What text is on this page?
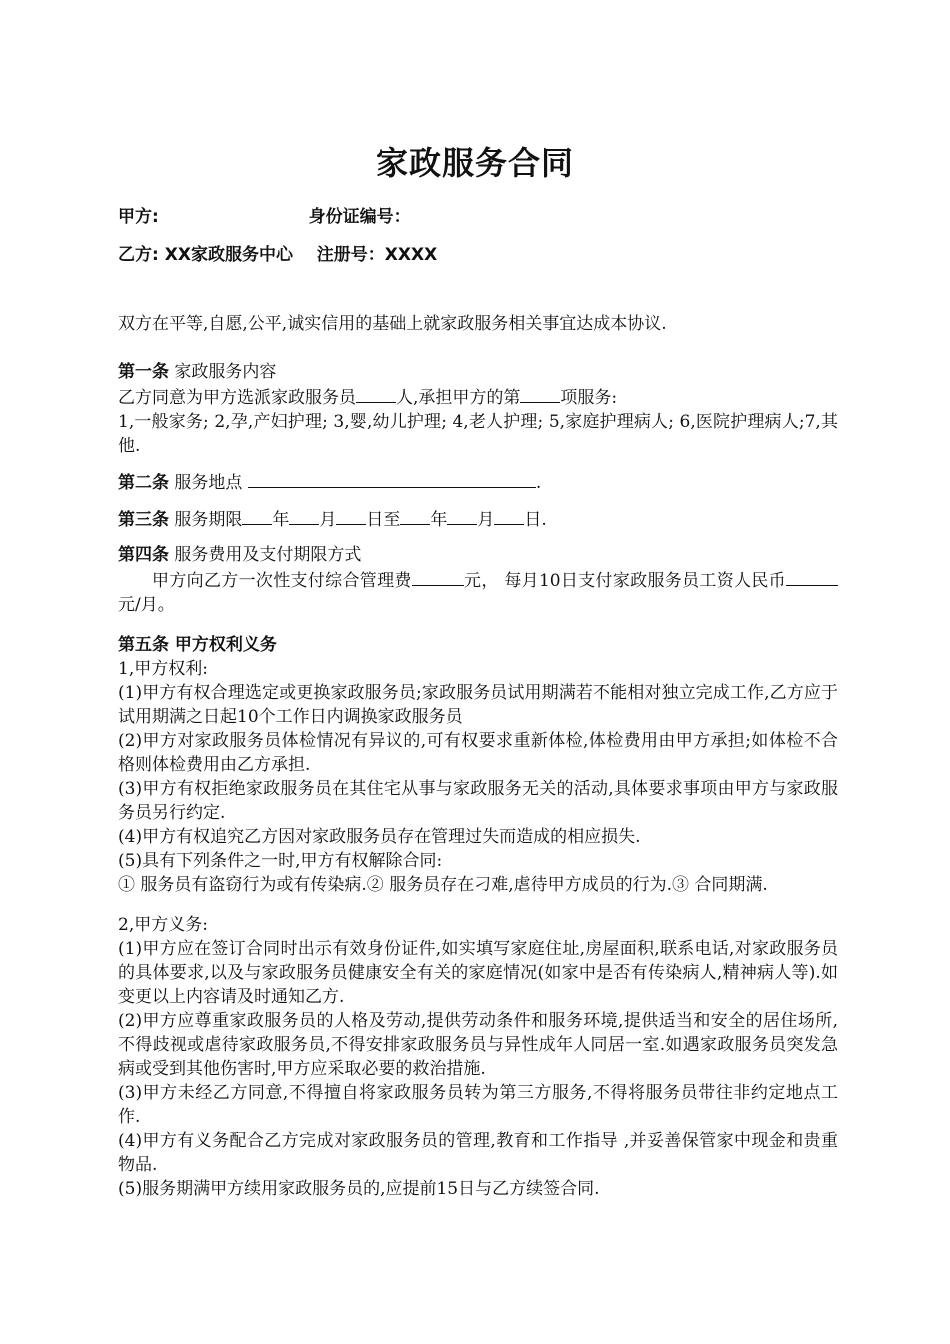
家政服务合同
甲方:	身份证编号：
乙方: XX家政服务中心 注册号：XXXX

双方在平等,自愿,公平,诚实信用的基础上就家政服务相关事宜达成本协议.

第一条 家政服务内容

乙方同意为甲方选派家政服务员 人,承担甲方的第 项服务:

1,一般家务; 2,孕,产妇护理; 3,婴,幼儿护理; 4,老人护理; 5,家庭护理病人; 6,医院护理病人;7,其他.

第二条 服务地点	.

第三条 服务期限 年 月 日至 年 月 日.

第四条 服务费用及支付期限方式

甲方向乙方一次性支付综合管理费	元， 每月10日支付家政服务员工资人民币元/月。

第五条 甲方权利义务

1,甲方权利:

(1)甲方有权合理选定或更换家政服务员;家政服务员试用期满若不能相对独立完成工作,乙方应于试用期满之日起10个工作日内调换家政服务员

(2)甲方对家政服务员体检情况有异议的,可有权要求重新体检,体检费用由甲方承担;如体检不合格则体检费用由乙方承担.

(3)甲方有权拒绝家政服务员在其住宅从事与家政服务无关的活动,具体要求事项由甲方与家政服务员另行约定.

(4)甲方有权追究乙方因对家政服务员存在管理过失而造成的相应损失.

(5)具有下列条件之一时,甲方有权解除合同:

① 服务员有盗窃行为或有传染病.② 服务员存在刁难,虐待甲方成员的行为.③ 合同期满.

2,甲方义务:

(1)甲方应在签订合同时出示有效身份证件,如实填写家庭住址,房屋面积,联系电话,对家政服务员的具体要求,以及与家政服务员健康安全有关的家庭情况(如家中是否有传染病人,精神病人等).如变更以上内容请及时通知乙方.

(2)甲方应尊重家政服务员的人格及劳动,提供劳动条件和服务环境,提供适当和安全的居住场所,不得歧视或虐待家政服务员,不得安排家政服务员与异性成年人同居一室.如遇家政服务员突发急病或受到其他伤害时,甲方应采取必要的救治措施.

(3)甲方未经乙方同意,不得擅自将家政服务员转为第三方服务,不得将服务员带往非约定地点工作.

(4)甲方有义务配合乙方完成对家政服务员的管理,教育和工作指导 ,并妥善保管家中现金和贵重物品.

(5)服务期满甲方续用家政服务员的,应提前15日与乙方续签合同.
